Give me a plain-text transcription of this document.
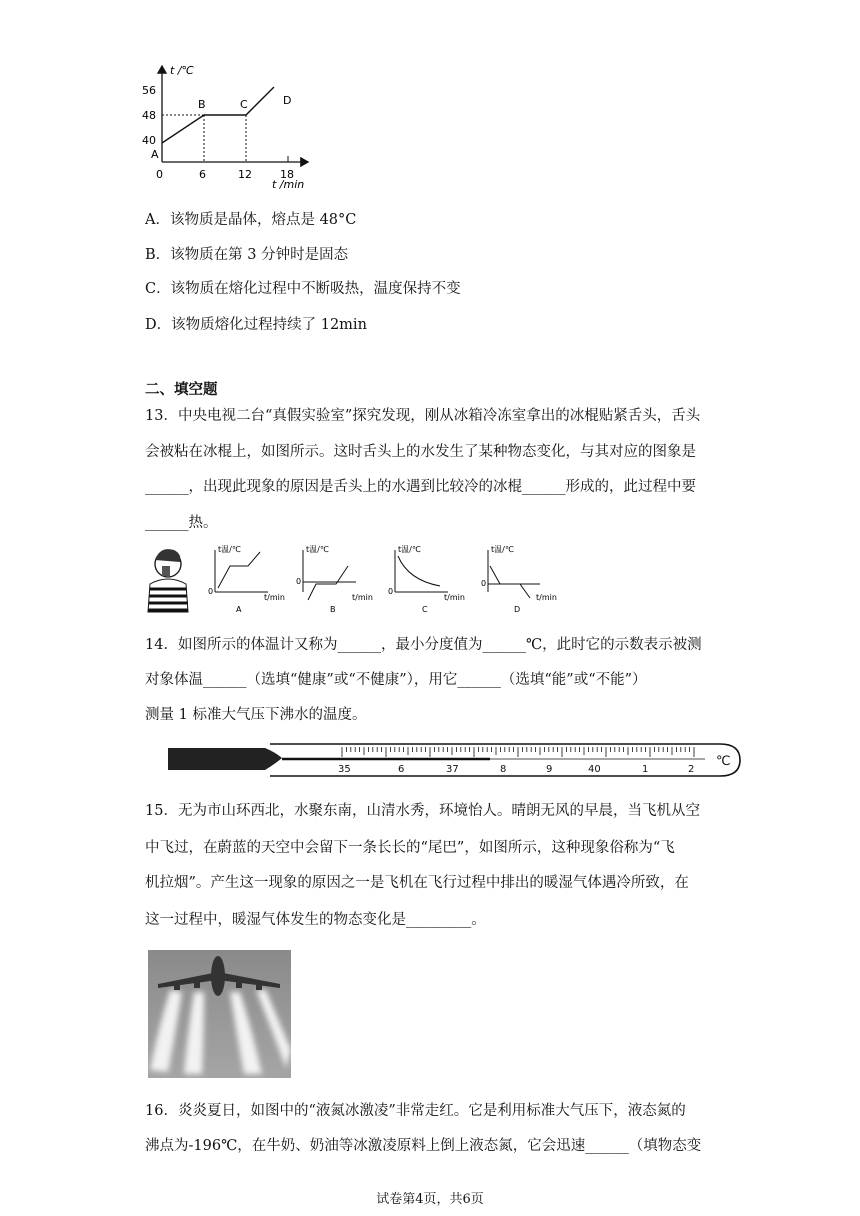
t /℃
t /min
56
48
40
0	6	12	18
A
B	C	D
A．该物质是晶体，熔点是 48°C
B．该物质在第 3 分钟时是固态
C．该物质在熔化过程中不断吸热，温度保持不变
D．该物质熔化过程持续了 12min
二、填空题
13．中央电视二台“真假实验室”探究发现，刚从冰箱冷冻室拿出的冰棍贴紧舌头，舌头
会被粘在冰棍上，如图所示。这时舌头上的水发生了某种物态变化，与其对应的图象是
______，出现此现象的原因是舌头上的水遇到比较冷的冰棍______形成的，此过程中要
______热。
t温/℃
t/min
0
A
t温/℃
t/min
0
B
t温/℃
t/min
0
C
t温/℃
t/min
0
D
14．如图所示的体温计又称为______，最小分度值为______℃，此时它的示数表示被测
对象体温______（选填“健康”或“不健康”），用它______（选填“能”或“不能”）
测量 1 标准大气压下沸水的温度。
35	6	37	8	9	40	1	2
℃
15．无为市山环西北，水聚东南，山清水秀，环境怡人。晴朗无风的早晨，当飞机从空
中飞过，在蔚蓝的天空中会留下一条长长的“尾巴”，如图所示，这种现象俗称为“飞
机拉烟”。产生这一现象的原因之一是飞机在飞行过程中排出的暖湿气体遇冷所致，在
这一过程中，暖湿气体发生的物态变化是_________。
16．炎炎夏日，如图中的“液氮冰激凌”非常走红。它是利用标准大气压下，液态氮的
沸点为-196℃，在牛奶、奶油等冰激凌原料上倒上液态氮，它会迅速______（填物态变
试卷第4页，共6页
